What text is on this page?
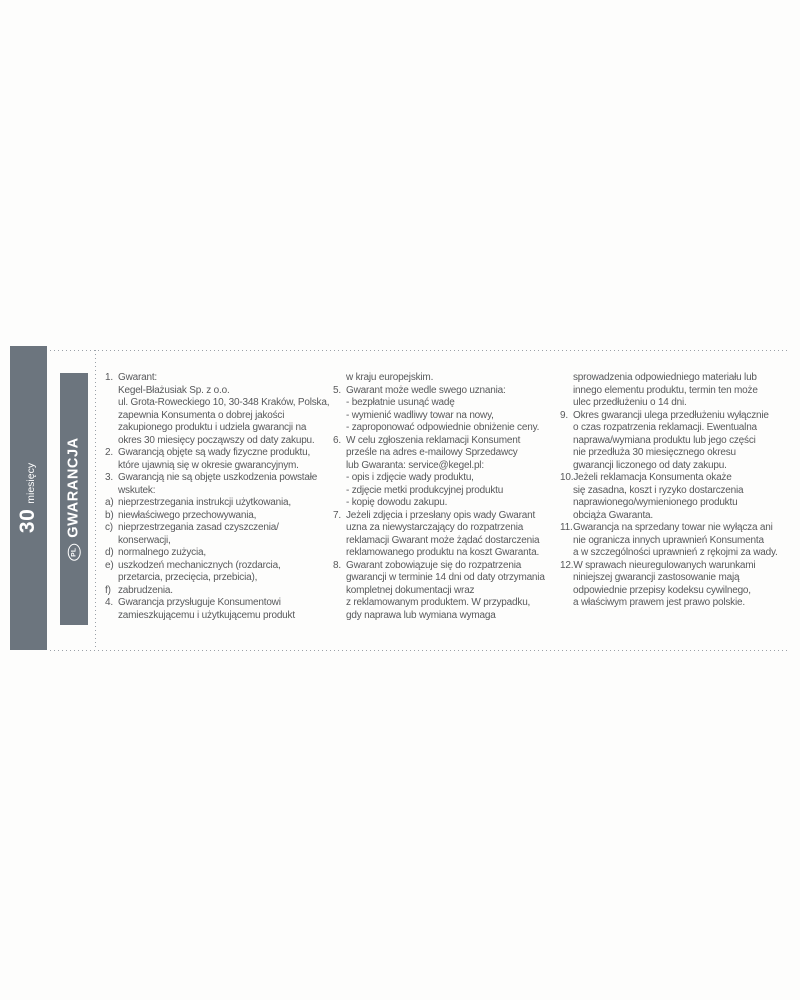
30
miesięcy
PL
GWARANCJA
1. Gwarant:
Kegel-Błażusiak Sp. z o.o.
ul. Grota-Roweckiego 10, 30-348 Kraków, Polska,
zapewnia Konsumenta o dobrej jakości
zakupionego produktu i udziela gwarancji na
okres 30 miesięcy począwszy od daty zakupu.
2. Gwarancją objęte są wady fizyczne produktu,
które ujawnią się w okresie gwarancyjnym.
3. Gwarancją nie są objęte uszkodzenia powstałe
wskutek:
a) nieprzestrzegania instrukcji użytkowania,
b) niewłaściwego przechowywania,
c) nieprzestrzegania zasad czyszczenia/
konserwacji,
d) normalnego zużycia,
e) uszkodzeń mechanicznych (rozdarcia,
przetarcia, przecięcia, przebicia),
f) zabrudzenia.
4. Gwarancja przysługuje Konsumentowi
zamieszkującemu i użytkującemu produkt
w kraju europejskim.
5. Gwarant może wedle swego uznania:
- bezpłatnie usunąć wadę
- wymienić wadliwy towar na nowy,
- zaproponować odpowiednie obniżenie ceny.
6. W celu zgłoszenia reklamacji Konsument
prześle na adres e-mailowy Sprzedawcy
lub Gwaranta: service@kegel.pl:
- opis i zdjęcie wady produktu,
- zdjęcie metki produkcyjnej produktu
- kopię dowodu zakupu.
7. Jeżeli zdjęcia i przesłany opis wady Gwarant
uzna za niewystarczający do rozpatrzenia
reklamacji Gwarant może żądać dostarczenia
reklamowanego produktu na koszt Gwaranta.
8. Gwarant zobowiązuje się do rozpatrzenia
gwarancji w terminie 14 dni od daty otrzymania
kompletnej dokumentacji wraz
z reklamowanym produktem. W przypadku,
gdy naprawa lub wymiana wymaga
sprowadzenia odpowiedniego materiału lub
innego elementu produktu, termin ten może
ulec przedłużeniu o 14 dni.
9. Okres gwarancji ulega przedłużeniu wyłącznie
o czas rozpatrzenia reklamacji. Ewentualna
naprawa/wymiana produktu lub jego części
nie przedłuża 30 miesięcznego okresu
gwarancji liczonego od daty zakupu.
10. Jeżeli reklamacja Konsumenta okaże
się zasadna, koszt i ryzyko dostarczenia
naprawionego/wymienionego produktu
obciąża Gwaranta.
11. Gwarancja na sprzedany towar nie wyłącza ani
nie ogranicza innych uprawnień Konsumenta
a w szczególności uprawnień z rękojmi za wady.
12. W sprawach nieuregulowanych warunkami
niniejszej gwarancji zastosowanie mają
odpowiednie przepisy kodeksu cywilnego,
a właściwym prawem jest prawo polskie.
